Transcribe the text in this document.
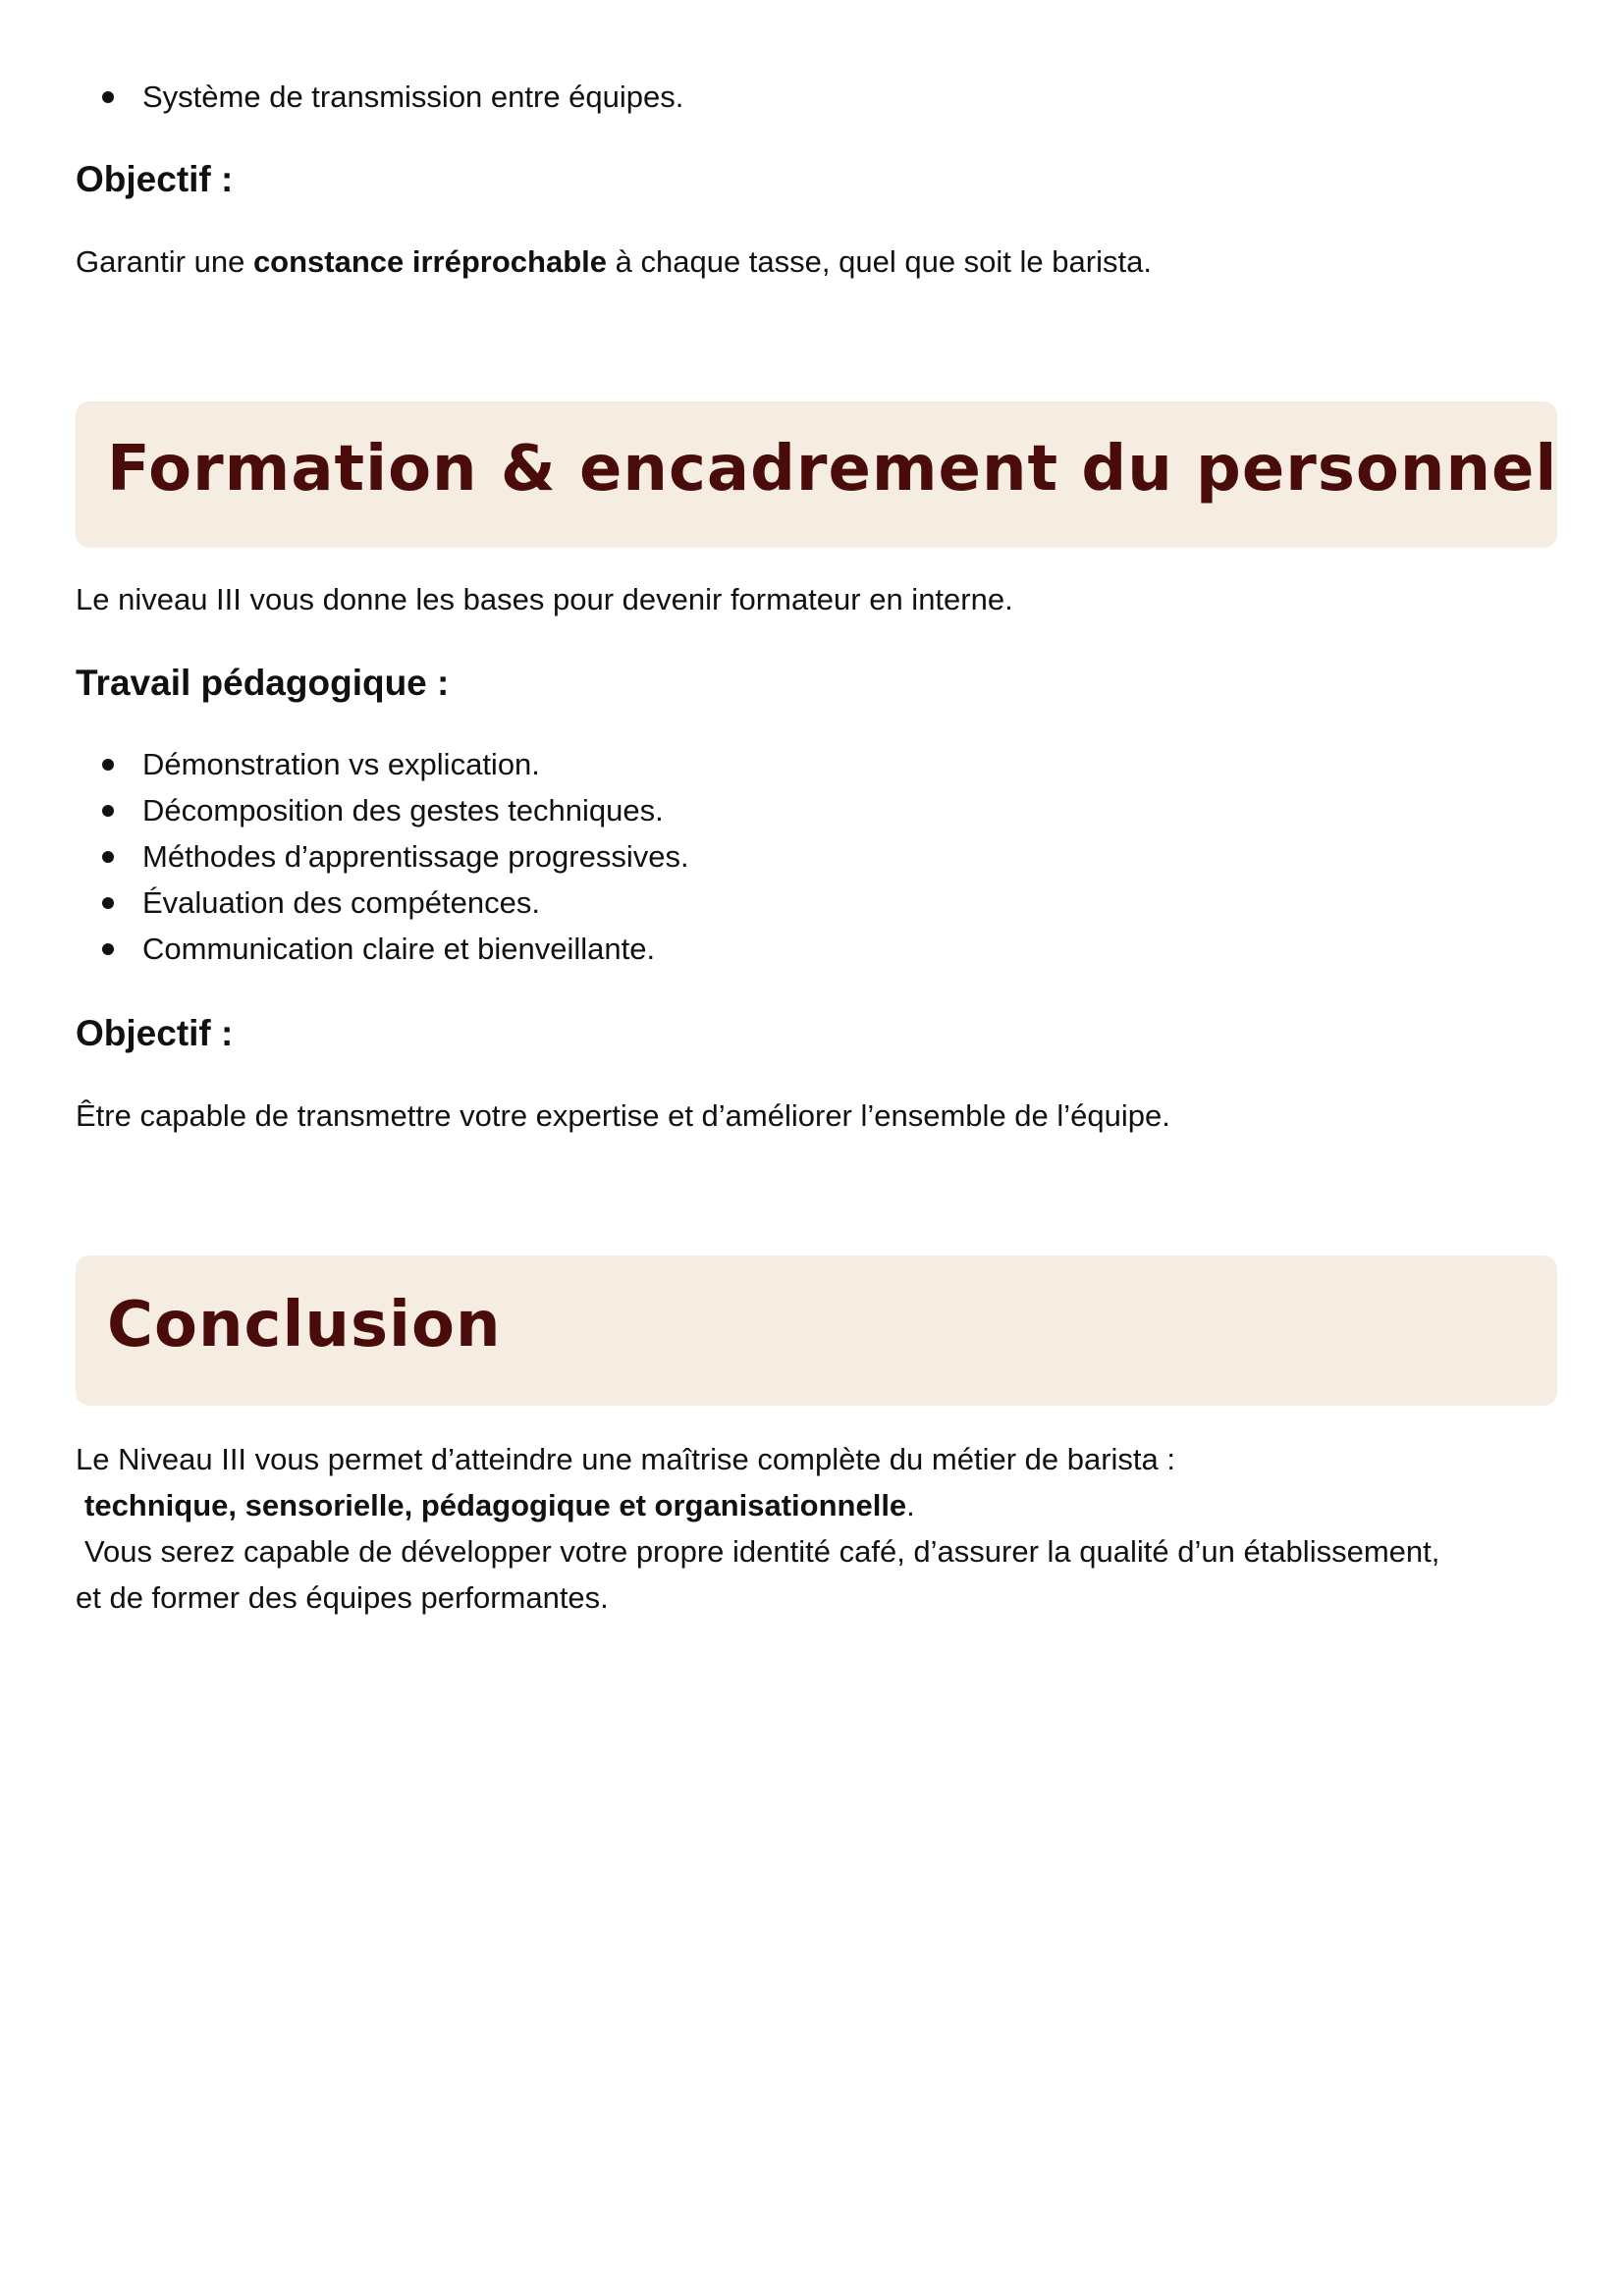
Système de transmission entre équipes.
Objectif :

Garantir une constance irréprochable à chaque tasse, quel que soit le barista.

Formation & encadrement du personnel

Le niveau III vous donne les bases pour devenir formateur en interne.

Travail pédagogique :
Démonstration vs explication.
Décomposition des gestes techniques.
Méthodes d’apprentissage progressives.
Évaluation des compétences.
Communication claire et bienveillante.
Objectif :

Être capable de transmettre votre expertise et d’améliorer l’ensemble de l’équipe.

Conclusion
Le Niveau III vous permet d’atteindre une maîtrise complète du métier de barista :
technique, sensorielle, pédagogique et organisationnelle.
Vous serez capable de développer votre propre identité café, d’assurer la qualité d’un établissement,
et de former des équipes performantes.
